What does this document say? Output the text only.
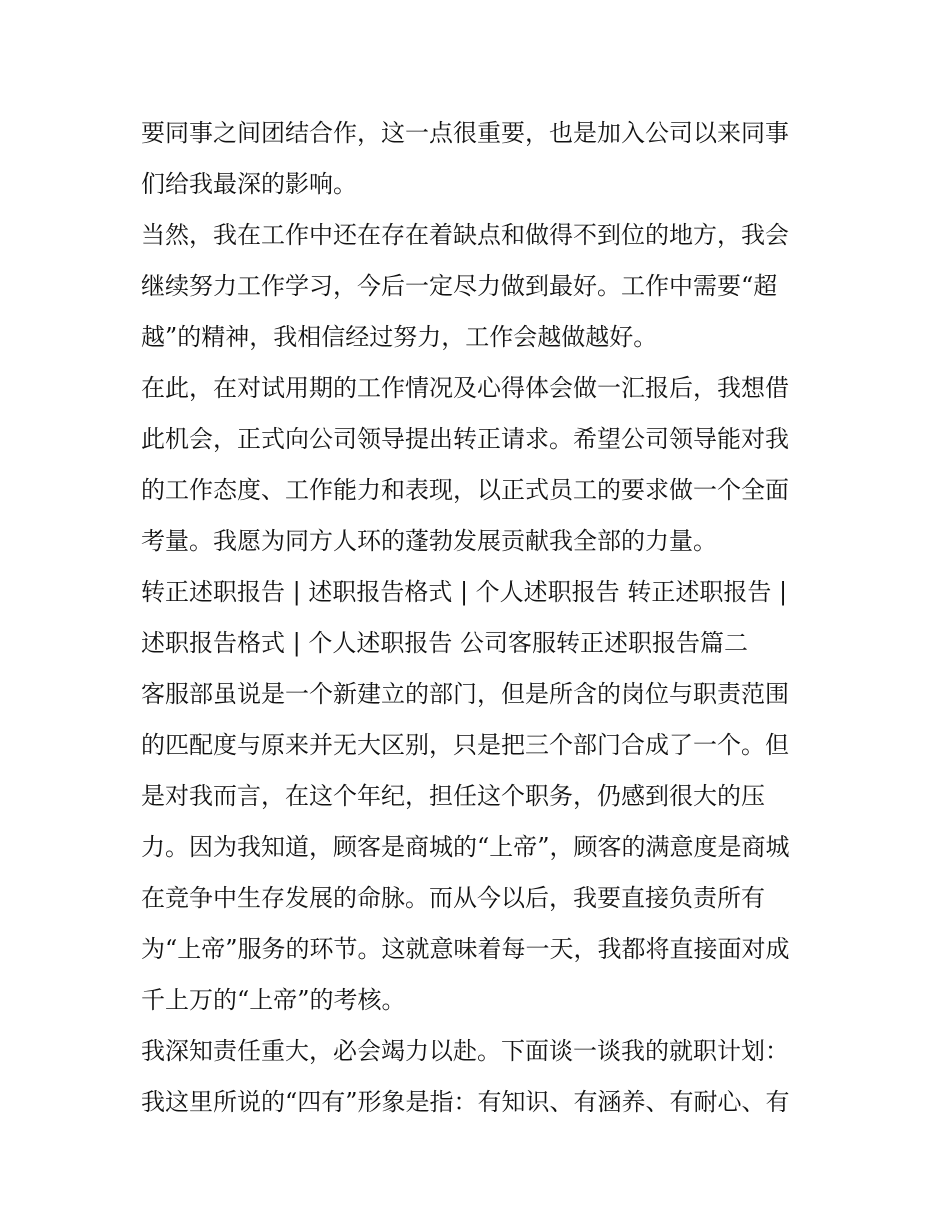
要同事之间团结合作，这一点很重要，也是加入公司以来同事
们给我最深的影响。
当然，我在工作中还在存在着缺点和做得不到位的地方，我会
继续努力工作学习，今后一定尽力做到最好。工作中需要“超
越”的精神，我相信经过努力，工作会越做越好。
在此，在对试用期的工作情况及心得体会做一汇报后，我想借
此机会，正式向公司领导提出转正请求。希望公司领导能对我
的工作态度、工作能力和表现，以正式员工的要求做一个全面
考量。我愿为同方人环的蓬勃发展贡献我全部的力量。
转正述职报告 | 述职报告格式 | 个人述职报告 转正述职报告 |
述职报告格式 | 个人述职报告 公司客服转正述职报告篇二
客服部虽说是一个新建立的部门，但是所含的岗位与职责范围
的匹配度与原来并无大区别，只是把三个部门合成了一个。但
是对我而言，在这个年纪，担任这个职务，仍感到很大的压
力。因为我知道，顾客是商城的“上帝”，顾客的满意度是商城
在竞争中生存发展的命脉。而从今以后，我要直接负责所有
为“上帝”服务的环节。这就意味着每一天，我都将直接面对成
千上万的“上帝”的考核。
我深知责任重大，必会竭力以赴。下面谈一谈我的就职计划：
我这里所说的“四有”形象是指：有知识、有涵养、有耐心、有
